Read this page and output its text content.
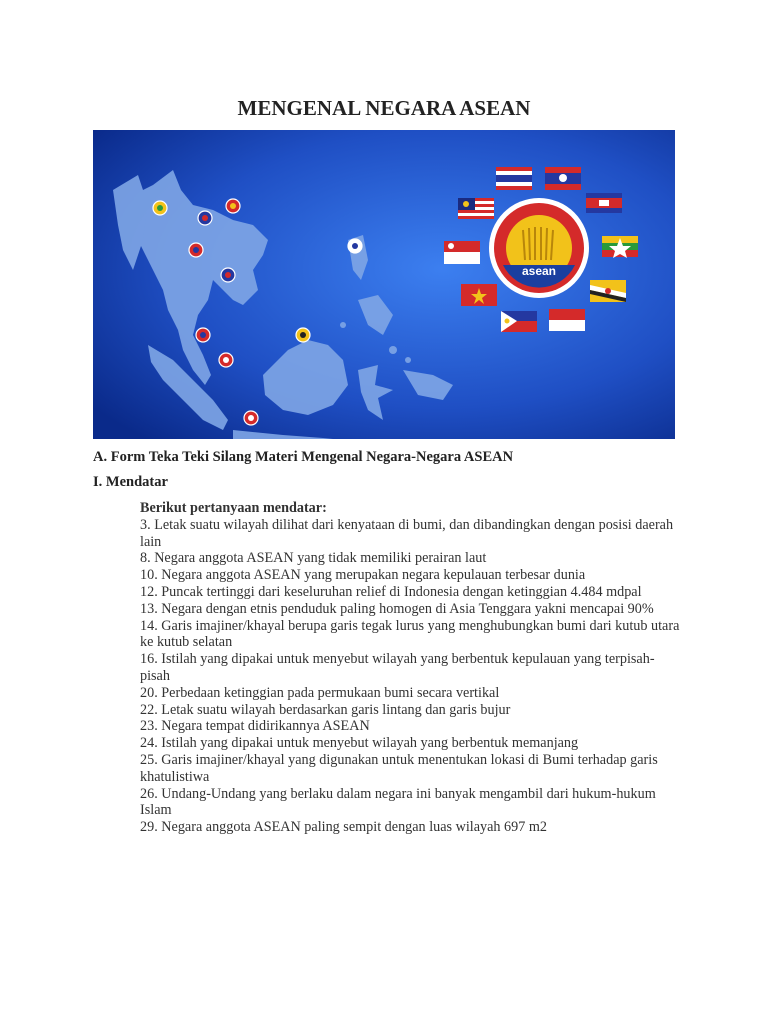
MENGENAL NEGARA ASEAN
asean

A. Form Teka Teki Silang Materi Mengenal Negara-Negara ASEAN

I. Mendatar

Berikut pertanyaan mendatar:

3. Letak suatu wilayah dilihat dari kenyataan di bumi, dan dibandingkan dengan posisi daerah lain
8. Negara anggota ASEAN yang tidak memiliki perairan laut
10. Negara anggota ASEAN yang merupakan negara kepulauan terbesar dunia
12. Puncak tertinggi dari keseluruhan relief di Indonesia dengan ketinggian 4.484 mdpal
13. Negara dengan etnis penduduk paling homogen di Asia Tenggara yakni mencapai 90%
14. Garis imajiner/khayal berupa garis tegak lurus yang menghubungkan bumi dari kutub utara ke kutub selatan
16. Istilah yang dipakai untuk menyebut wilayah yang berbentuk kepulauan yang terpisah-pisah
20. Perbedaan ketinggian pada permukaan bumi secara vertikal
22. Letak suatu wilayah berdasarkan garis lintang dan garis bujur
23. Negara tempat didirikannya ASEAN
24. Istilah yang dipakai untuk menyebut wilayah yang berbentuk memanjang
25. Garis imajiner/khayal yang digunakan untuk menentukan lokasi di Bumi terhadap garis khatulistiwa
26. Undang-Undang yang berlaku dalam negara ini banyak mengambil dari hukum-hukum Islam
29. Negara anggota ASEAN paling sempit dengan luas wilayah 697 m2
